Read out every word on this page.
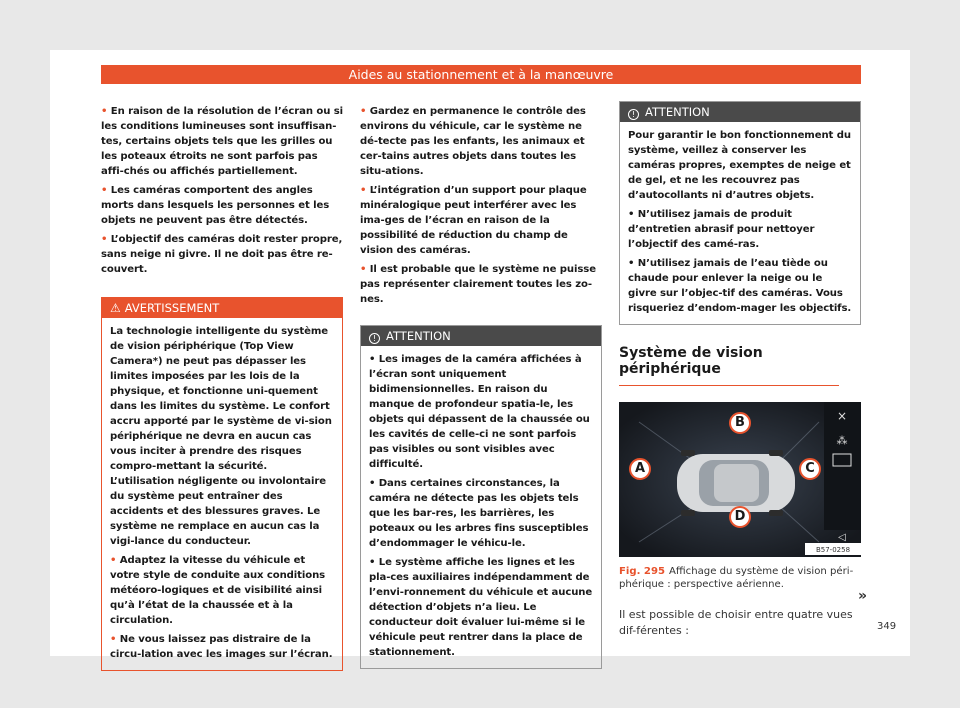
Aides au stationnement et à la manœuvre
• En raison de la résolution de l’écran ou si les conditions lumineuses sont insuffisan-tes, certains objets tels que les grilles ou les poteaux étroits ne sont parfois pas affi-chés ou affichés partiellement.
• Les caméras comportent des angles morts dans lesquels les personnes et les objets ne peuvent pas être détectés.
• L’objectif des caméras doit rester propre, sans neige ni givre. Il ne doit pas être re-couvert.
⚠ AVERTISSEMENT
La technologie intelligente du système de vision périphérique (Top View Camera*) ne peut pas dépasser les limites imposées par les lois de la physique, et fonctionne uni-quement dans les limites du système. Le confort accru apporté par le système de vi-sion périphérique ne devra en aucun cas vous inciter à prendre des risques compro-mettant la sécurité. L’utilisation négligente ou involontaire du système peut entraîner des accidents et des blessures graves. Le système ne remplace en aucun cas la vigi-lance du conducteur.
• Adaptez la vitesse du véhicule et votre style de conduite aux conditions météoro-logiques et de visibilité ainsi qu’à l’état de la chaussée et à la circulation.
• Ne vous laissez pas distraire de la circu-lation avec les images sur l’écran.
• Gardez en permanence le contrôle des environs du véhicule, car le système ne dé-tecte pas les enfants, les animaux et cer-tains autres objets dans toutes les situ-ations.
• L’intégration d’un support pour plaque minéralogique peut interférer avec les ima-ges de l’écran en raison de la possibilité de réduction du champ de vision des caméras.
• Il est probable que le système ne puisse pas représenter clairement toutes les zo-nes.
! ATTENTION
• Les images de la caméra affichées à l’écran sont uniquement bidimensionnelles. En raison du manque de profondeur spatia-le, les objets qui dépassent de la chaussée ou les cavités de celle-ci ne sont parfois pas visibles ou sont visibles avec difficulté.
• Dans certaines circonstances, la caméra ne détecte pas les objets tels que les bar-res, les barrières, les poteaux ou les arbres fins susceptibles d’endommager le véhicu-le.
• Le système affiche les lignes et les pla-ces auxiliaires indépendamment de l’envi-ronnement du véhicule et aucune détection d’objets n’a lieu. Le conducteur doit évaluer lui-même si le véhicule peut rentrer dans la place de stationnement.
! ATTENTION
Pour garantir le bon fonctionnement du système, veillez à conserver les caméras propres, exemptes de neige et de gel, et ne les recouvrez pas d’autocollants ni d’autres objets.
• N’utilisez jamais de produit d’entretien abrasif pour nettoyer l’objectif des camé-ras.
• N’utilisez jamais de l’eau tiède ou chaude pour enlever la neige ou le givre sur l’objec-tif des caméras. Vous risqueriez d’endom-mager les objectifs.
Système de vision périphérique
×
⁂
◁
B57-0258
A
B
C
D
Fig. 295 Affichage du système de vision péri-phérique : perspective aérienne.
Il est possible de choisir entre quatre vues dif-férentes :
»
349
